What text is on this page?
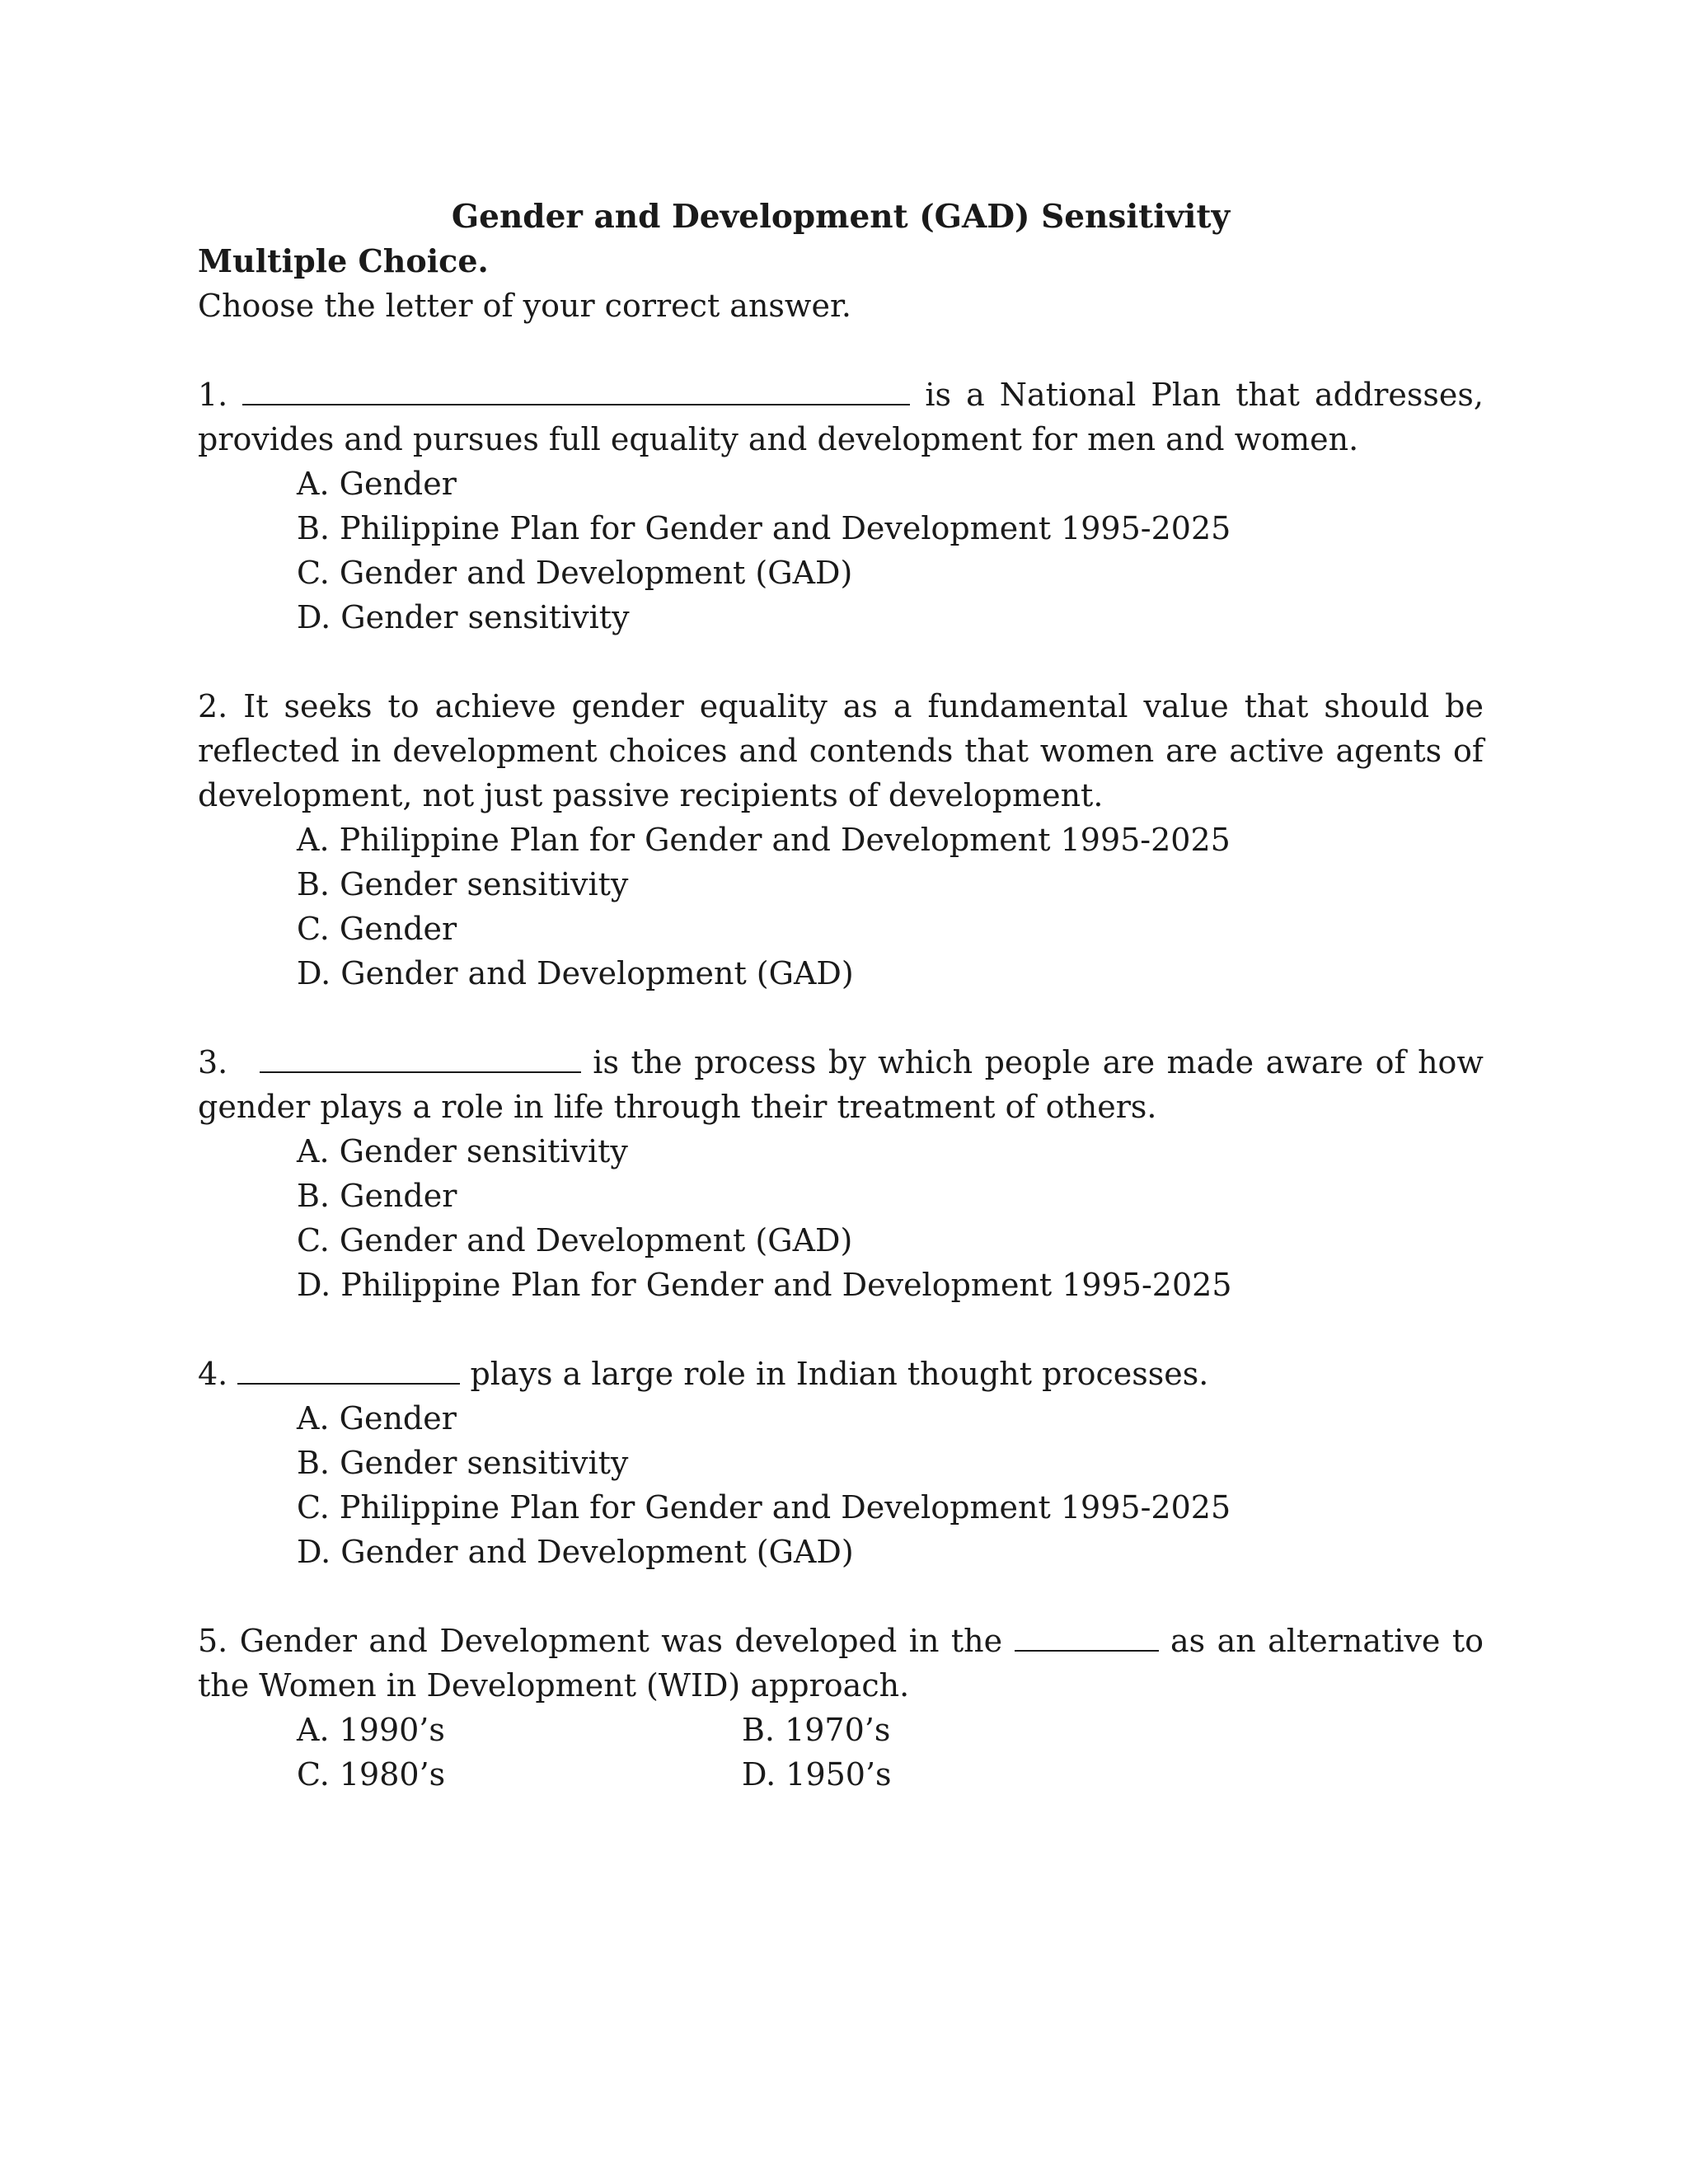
Gender and Development (GAD) Sensitivity

Multiple Choice.

Choose the letter of your correct answer.

1.	is a National Plan that addresses, provides and pursues full equality and development for men and women.

A. Gender
B. Philippine Plan for Gender and Development 1995-2025
C. Gender and Development (GAD)
D. Gender sensitivity

2. It seeks to achieve gender equality as a fundamental value that should be reflected in development choices and contends that women are active agents of development, not just passive recipients of development.

A. Philippine Plan for Gender and Development 1995-2025
B. Gender sensitivity
C. Gender
D. Gender and Development (GAD)

3.	is the process by which people are made aware of how gender plays a role in life through their treatment of others.

A. Gender sensitivity
B. Gender
C. Gender and Development (GAD)
D. Philippine Plan for Gender and Development 1995-2025

4.	plays a large role in Indian thought processes.

A. Gender
B. Gender sensitivity
C. Philippine Plan for Gender and Development 1995-2025
D. Gender and Development (GAD)

5. Gender and Development was developed in the	as an alternative to the Women in Development (WID) approach.

A. 1990’s	B. 1970’s
C. 1980’s	D. 1950’s
